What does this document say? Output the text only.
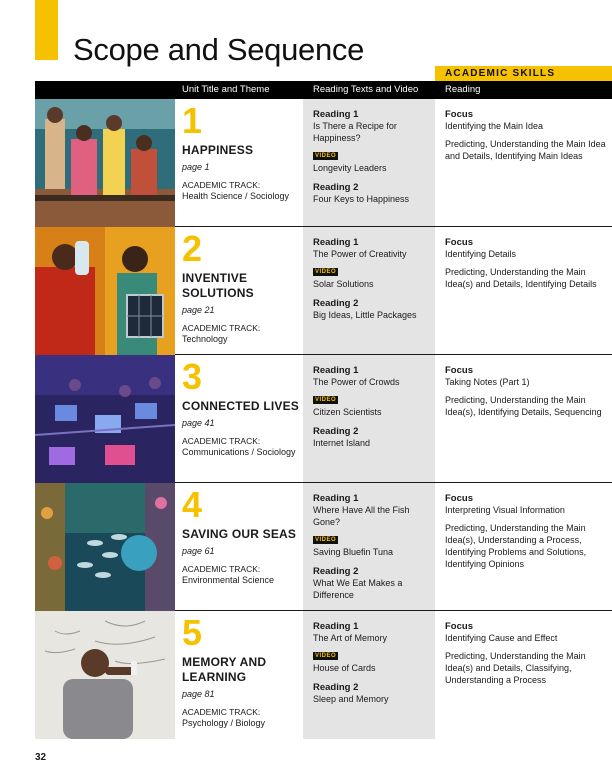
Scope and Sequence
ACADEMIC SKILLS
Unit Title and Theme	Reading Texts and Video	Reading
1
HAPPINESS
page 1
ACADEMIC TRACK:
Health Science / Sociology
Reading 1
Is There a Recipe for Happiness?
VIDEO
Longevity Leaders
Reading 2
Four Keys to Happiness
Focus
Identifying the Main Idea
Predicting, Understanding the Main Idea and Details, Identifying Main Ideas
2
INVENTIVE SOLUTIONS
page 21
ACADEMIC TRACK:
Technology
Reading 1
The Power of Creativity
VIDEO
Solar Solutions
Reading 2
Big Ideas, Little Packages
Focus
Identifying Details
Predicting, Understanding the Main Idea(s) and Details, Identifying Details
3
CONNECTED LIVES
page 41
ACADEMIC TRACK:
Communications / Sociology
Reading 1
The Power of Crowds
VIDEO
Citizen Scientists
Reading 2
Internet Island
Focus
Taking Notes (Part 1)
Predicting, Understanding the Main Idea(s), Identifying Details, Sequencing
4
SAVING OUR SEAS
page 61
ACADEMIC TRACK:
Environmental Science
Reading 1
Where Have All the Fish Gone?
VIDEO
Saving Bluefin Tuna
Reading 2
What We Eat Makes a Difference
Focus
Interpreting Visual Information
Predicting, Understanding the Main Idea(s), Understanding a Process, Identifying Problems and Solutions, Identifying Opinions
5
MEMORY AND LEARNING
page 81
ACADEMIC TRACK:
Psychology / Biology
Reading 1
The Art of Memory
VIDEO
House of Cards
Reading 2
Sleep and Memory
Focus
Identifying Cause and Effect
Predicting, Understanding the Main Idea(s) and Details, Classifying, Understanding a Process
32
